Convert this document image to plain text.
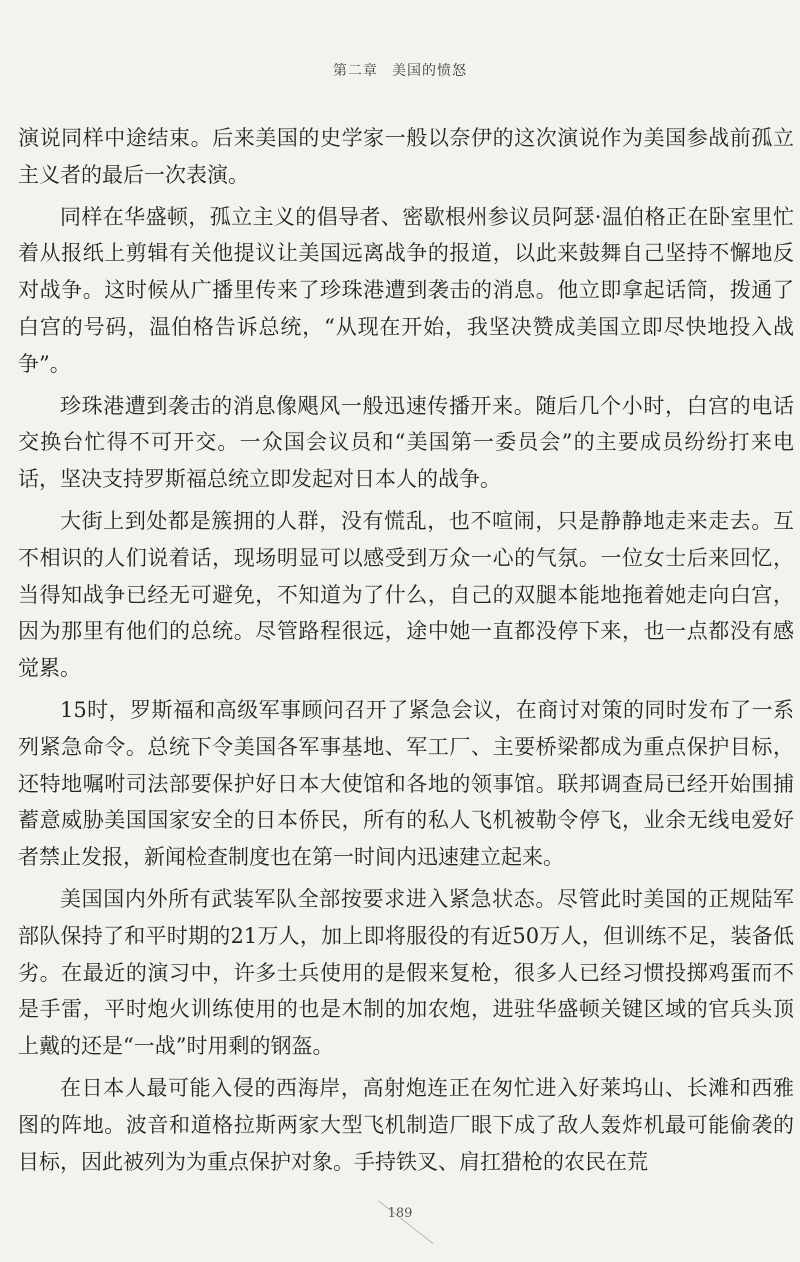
第二章 美国的愤怒

演说同样中途结束。后来美国的史学家一般以奈伊的这次演说作为美国参战前孤立主义者的最后一次表演。

同样在华盛顿，孤立主义的倡导者、密歇根州参议员阿瑟·温伯格正在卧室里忙着从报纸上剪辑有关他提议让美国远离战争的报道，以此来鼓舞自己坚持不懈地反对战争。这时候从广播里传来了珍珠港遭到袭击的消息。他立即拿起话筒，拨通了白宫的号码，温伯格告诉总统，“从现在开始，我坚决赞成美国立即尽快地投入战争”。

珍珠港遭到袭击的消息像飓风一般迅速传播开来。随后几个小时，白宫的电话交换台忙得不可开交。一众国会议员和“美国第一委员会”的主要成员纷纷打来电话，坚决支持罗斯福总统立即发起对日本人的战争。

大街上到处都是簇拥的人群，没有慌乱，也不喧闹，只是静静地走来走去。互不相识的人们说着话，现场明显可以感受到万众一心的气氛。一位女士后来回忆，当得知战争已经无可避免，不知道为了什么，自己的双腿本能地拖着她走向白宫，因为那里有他们的总统。尽管路程很远，途中她一直都没停下来，也一点都没有感觉累。

15时，罗斯福和高级军事顾问召开了紧急会议，在商讨对策的同时发布了一系列紧急命令。总统下令美国各军事基地、军工厂、主要桥梁都成为重点保护目标，还特地嘱咐司法部要保护好日本大使馆和各地的领事馆。联邦调查局已经开始围捕蓄意威胁美国国家安全的日本侨民，所有的私人飞机被勒令停飞，业余无线电爱好者禁止发报，新闻检查制度也在第一时间内迅速建立起来。

美国国内外所有武装军队全部按要求进入紧急状态。尽管此时美国的正规陆军部队保持了和平时期的21万人，加上即将服役的有近50万人，但训练不足，装备低劣。在最近的演习中，许多士兵使用的是假来复枪，很多人已经习惯投掷鸡蛋而不是手雷，平时炮火训练使用的也是木制的加农炮，进驻华盛顿关键区域的官兵头顶上戴的还是“一战”时用剩的钢盔。

在日本人最可能入侵的西海岸，高射炮连正在匆忙进入好莱坞山、长滩和西雅图的阵地。波音和道格拉斯两家大型飞机制造厂眼下成了敌人轰炸机最可能偷袭的目标，因此被列为为重点保护对象。手持铁叉、肩扛猎枪的农民在荒

189
